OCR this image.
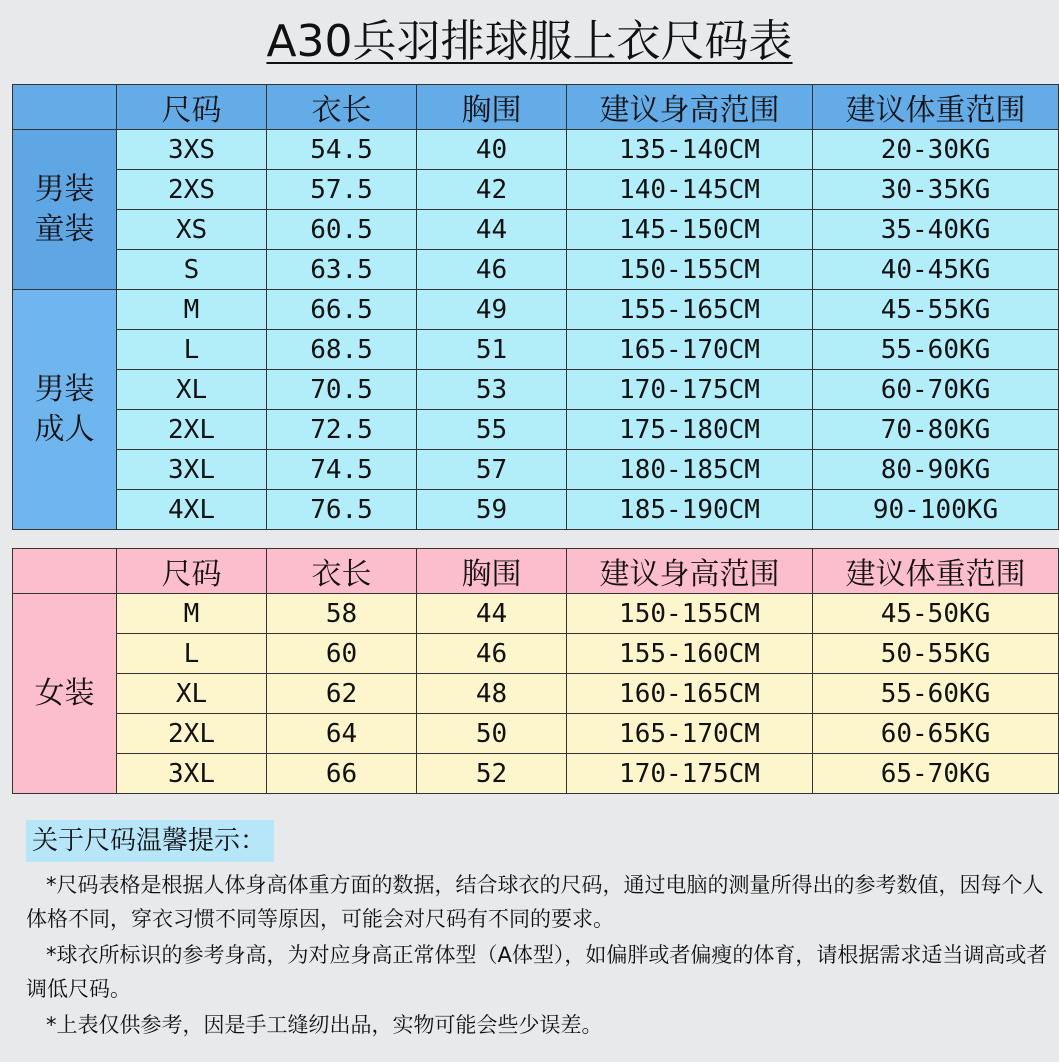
A30兵羽排球服上衣尺码表
	尺码	衣长	胸围	建议身高范围	建议体重范围
男装
童装	3XS	54.5	40	135-140CM	20-30KG
	2XS	57.5	42	140-145CM	30-35KG
	XS	60.5	44	145-150CM	35-40KG
	S	63.5	46	150-155CM	40-45KG
男装
成人	M	66.5	49	155-165CM	45-55KG
	L	68.5	51	165-170CM	55-60KG
	XL	70.5	53	170-175CM	60-70KG
	2XL	72.5	55	175-180CM	70-80KG
	3XL	74.5	57	180-185CM	80-90KG
	4XL	76.5	59	185-190CM	90-100KG
	尺码	衣长	胸围	建议身高范围	建议体重范围
女装	M	58	44	150-155CM	45-50KG
	L	60	46	155-160CM	50-55KG
	XL	62	48	160-165CM	55-60KG
	2XL	64	50	165-170CM	60-65KG
	3XL	66	52	170-175CM	65-70KG
关于尺码温馨提示：

*尺码表格是根据人体身高体重方面的数据，结合球衣的尺码，通过电脑的测量所得出的参考数值，因每个人体格不同，穿衣习惯不同等原因，可能会对尺码有不同的要求。

*球衣所标识的参考身高，为对应身高正常体型（A体型），如偏胖或者偏瘦的体育，请根据需求适当调高或者调低尺码。

*上表仅供参考，因是手工缝纫出品，实物可能会些少误差。
